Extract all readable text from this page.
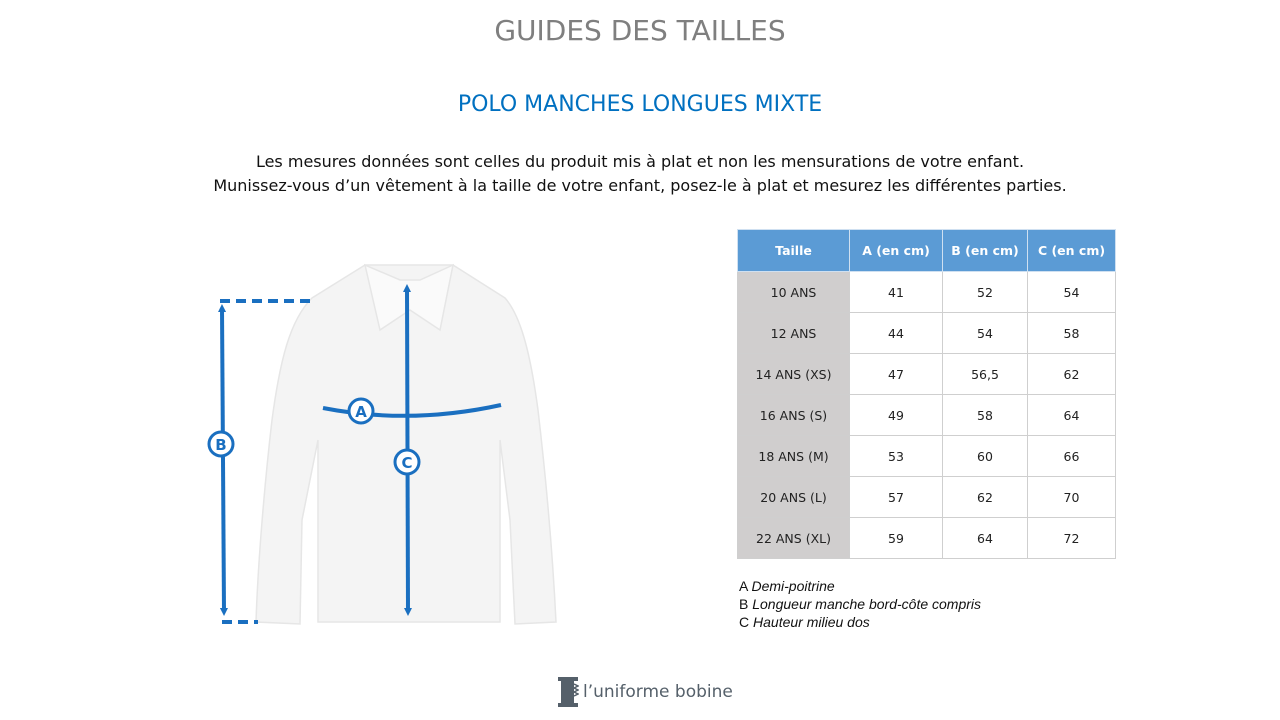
GUIDES DES TAILLES
POLO MANCHES LONGUES MIXTE
Les mesures données sont celles du produit mis à plat et non les mensurations de votre enfant.
Munissez-vous d’un vêtement à la taille de votre enfant, posez-le à plat et mesurez les différentes parties.
A
B
C
Taille	A (en cm)	B (en cm)	C (en cm)
10 ANS	41	52	54
12 ANS	44	54	58
14 ANS (XS)	47	56,5	62
16 ANS (S)	49	58	64
18 ANS (M)	53	60	66
20 ANS (L)	57	62	70
22 ANS (XL)	59	64	72
A Demi-poitrine
B Longueur manche bord-côte compris
C Hauteur milieu dos
l’uniforme bobine
